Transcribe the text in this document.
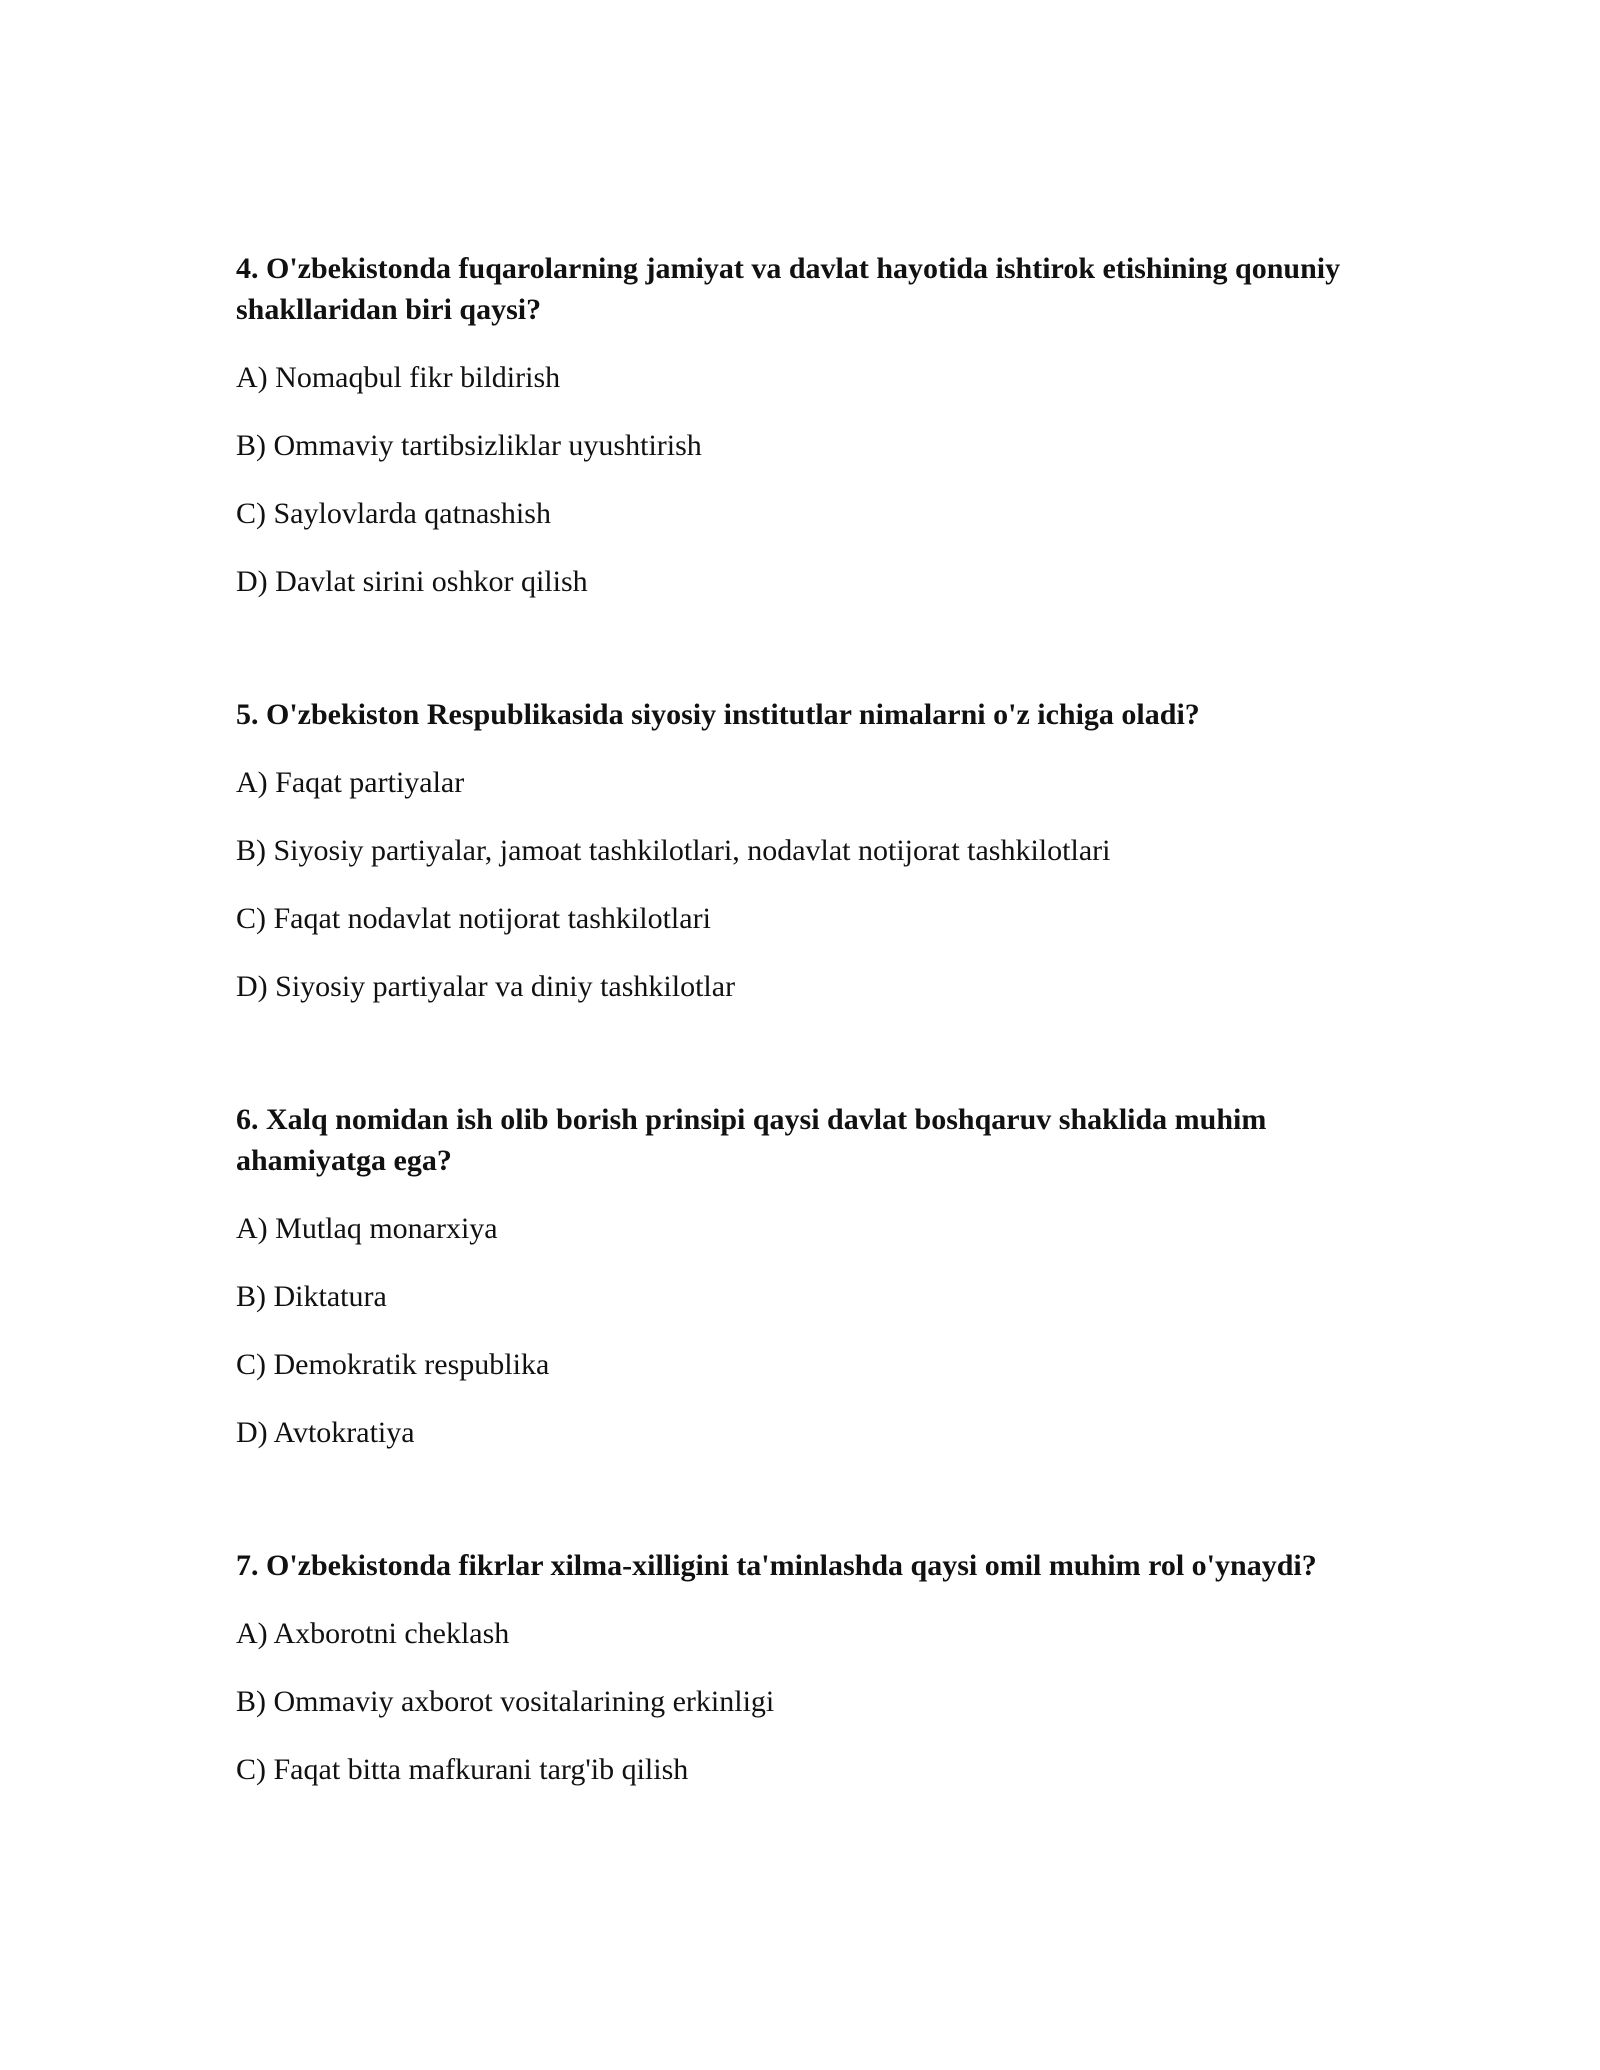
4. O'zbekistonda fuqarolarning jamiyat va davlat hayotida ishtirok etishining qonuniy shakllaridan biri qaysi?

A) Nomaqbul fikr bildirish

B) Ommaviy tartibsizliklar uyushtirish

C) Saylovlarda qatnashish

D) Davlat sirini oshkor qilish

5. O'zbekiston Respublikasida siyosiy institutlar nimalarni o'z ichiga oladi?

A) Faqat partiyalar

B) Siyosiy partiyalar, jamoat tashkilotlari, nodavlat notijorat tashkilotlari

C) Faqat nodavlat notijorat tashkilotlari

D) Siyosiy partiyalar va diniy tashkilotlar

6. Xalq nomidan ish olib borish prinsipi qaysi davlat boshqaruv shaklida muhim ahamiyatga ega?

A) Mutlaq monarxiya

B) Diktatura

C) Demokratik respublika

D) Avtokratiya

7. O'zbekistonda fikrlar xilma-xilligini ta'minlashda qaysi omil muhim rol o'ynaydi?

A) Axborotni cheklash

B) Ommaviy axborot vositalarining erkinligi

C) Faqat bitta mafkurani targ'ib qilish
